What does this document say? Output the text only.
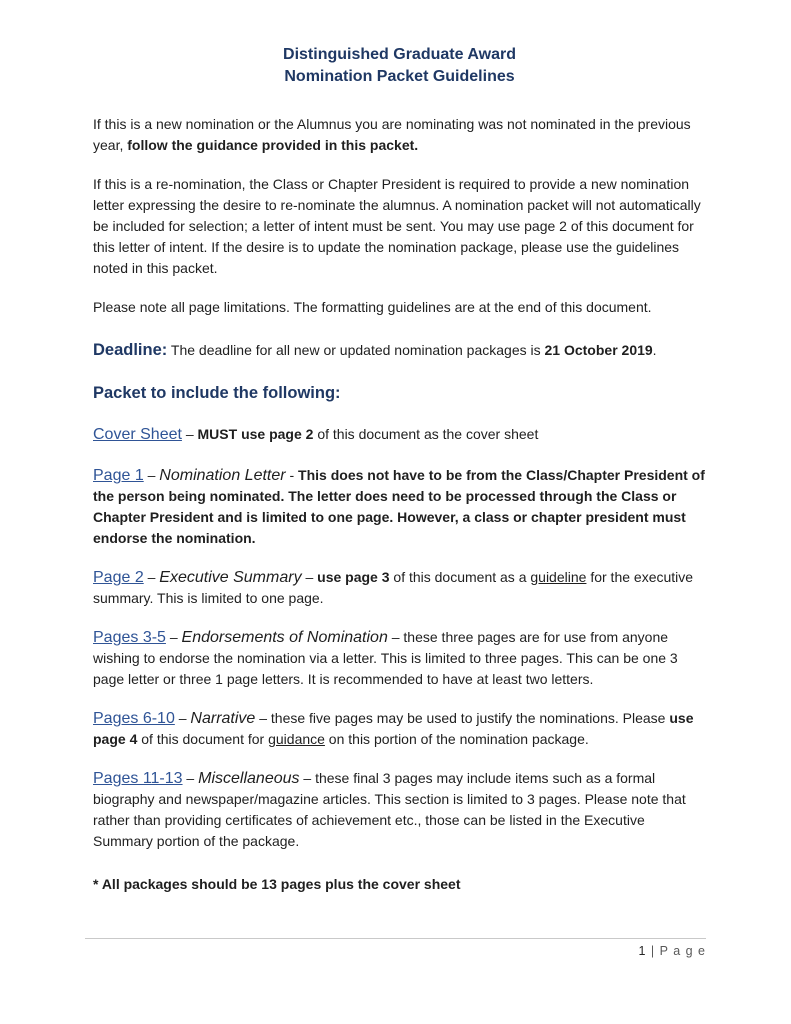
Distinguished Graduate Award
Nomination Packet Guidelines

If this is a new nomination or the Alumnus you are nominating was not nominated in the previous year, follow the guidance provided in this packet.

If this is a re-nomination, the Class or Chapter President is required to provide a new nomination letter expressing the desire to re-nominate the alumnus. A nomination packet will not automatically be included for selection; a letter of intent must be sent. You may use page 2 of this document for this letter of intent. If the desire is to update the nomination package, please use the guidelines noted in this packet.

Please note all page limitations. The formatting guidelines are at the end of this document.

Deadline: The deadline for all new or updated nomination packages is 21 October 2019.

Packet to include the following:

Cover Sheet – MUST use page 2 of this document as the cover sheet

Page 1 – Nomination Letter - This does not have to be from the Class/Chapter President of the person being nominated. The letter does need to be processed through the Class or Chapter President and is limited to one page. However, a class or chapter president must endorse the nomination.

Page 2 – Executive Summary – use page 3 of this document as a guideline for the executive summary. This is limited to one page.

Pages 3-5 – Endorsements of Nomination – these three pages are for use from anyone wishing to endorse the nomination via a letter. This is limited to three pages. This can be one 3 page letter or three 1 page letters. It is recommended to have at least two letters.

Pages 6-10 – Narrative – these five pages may be used to justify the nominations. Please use page 4 of this document for guidance on this portion of the nomination package.

Pages 11-13 – Miscellaneous – these final 3 pages may include items such as a formal biography and newspaper/magazine articles. This section is limited to 3 pages. Please note that rather than providing certificates of achievement etc., those can be listed in the Executive Summary portion of the package.

* All packages should be 13 pages plus the cover sheet

1 | P a g e
